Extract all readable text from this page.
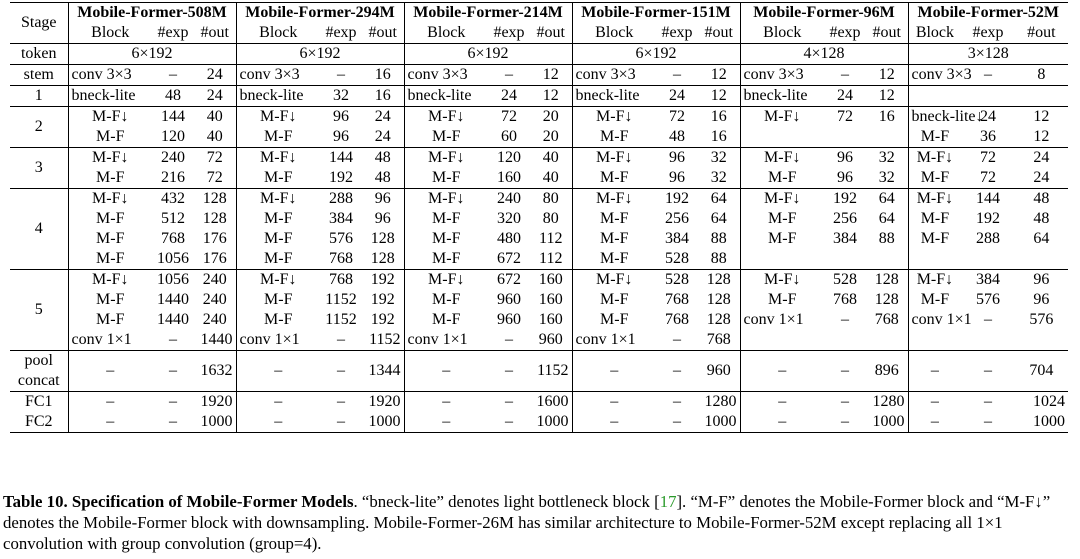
Stage	Mobile-Former-508M			Mobile-Former-294M			Mobile-Former-214M			Mobile-Former-151M			Mobile-Former-96M			Mobile-Former-52M		
	Block	#exp	#out	Block	#exp	#out	Block	#exp	#out	Block	#exp	#out	Block	#exp	#out	Block	#exp	#out
token	6×192			6×192			6×192			6×192			4×128			3×128		
stem	conv 3×3	–	24	conv 3×3	–	16	conv 3×3	–	12	conv 3×3	–	12	conv 3×3	–	12	conv 3×3	–	8
1	bneck-lite	48	24	bneck-lite	32	16	bneck-lite	24	12	bneck-lite	24	12	bneck-lite	24	12			
2	M-F↓	144	40	M-F↓	96	24	M-F↓	72	20	M-F↓	72	16	M-F↓	72	16	bneck-lite↓	24	12
	M-F	120	40	M-F	96	24	M-F	60	20	M-F	48	16				M-F	36	12
3	M-F↓	240	72	M-F↓	144	48	M-F↓	120	40	M-F↓	96	32	M-F↓	96	32	M-F↓	72	24
	M-F	216	72	M-F	192	48	M-F	160	40	M-F	96	32	M-F	96	32	M-F	72	24
4	M-F↓	432	128	M-F↓	288	96	M-F↓	240	80	M-F↓	192	64	M-F↓	192	64	M-F↓	144	48
	M-F	512	128	M-F	384	96	M-F	320	80	M-F	256	64	M-F	256	64	M-F	192	48
	M-F	768	176	M-F	576	128	M-F	480	112	M-F	384	88	M-F	384	88	M-F	288	64
	M-F	1056	176	M-F	768	128	M-F	672	112	M-F	528	88						
5	M-F↓	1056	240	M-F↓	768	192	M-F↓	672	160	M-F↓	528	128	M-F↓	528	128	M-F↓	384	96
	M-F	1440	240	M-F	1152	192	M-F	960	160	M-F	768	128	M-F	768	128	M-F	576	96
	M-F	1440	240	M-F	1152	192	M-F	960	160	M-F	768	128	conv 1×1	–	768	conv 1×1	–	576
	conv 1×1	–	1440	conv 1×1	–	1152	conv 1×1	–	960	conv 1×1	–	768						

pool
concat	–	–	1632	–	–	1344	–	–	1152	–	–	960	–	–	896	–	–	704
FC1	–	–	1920	–	–	1920	–	–	1600	–	–	1280	–	–	1280	–	–	1024
FC2	–	–	1000	–	–	1000	–	–	1000	–	–	1000	–	–	1000	–	–	1000
Table 10. Specification of Mobile-Former Models. “bneck-lite” denotes light bottleneck block [17]. “M-F” denotes the Mobile-Former block and “M-F↓” denotes the Mobile-Former block with downsampling. Mobile-Former-26M has similar architecture to Mobile-Former-52M except replacing all 1×1 convolution with group convolution (group=4).
